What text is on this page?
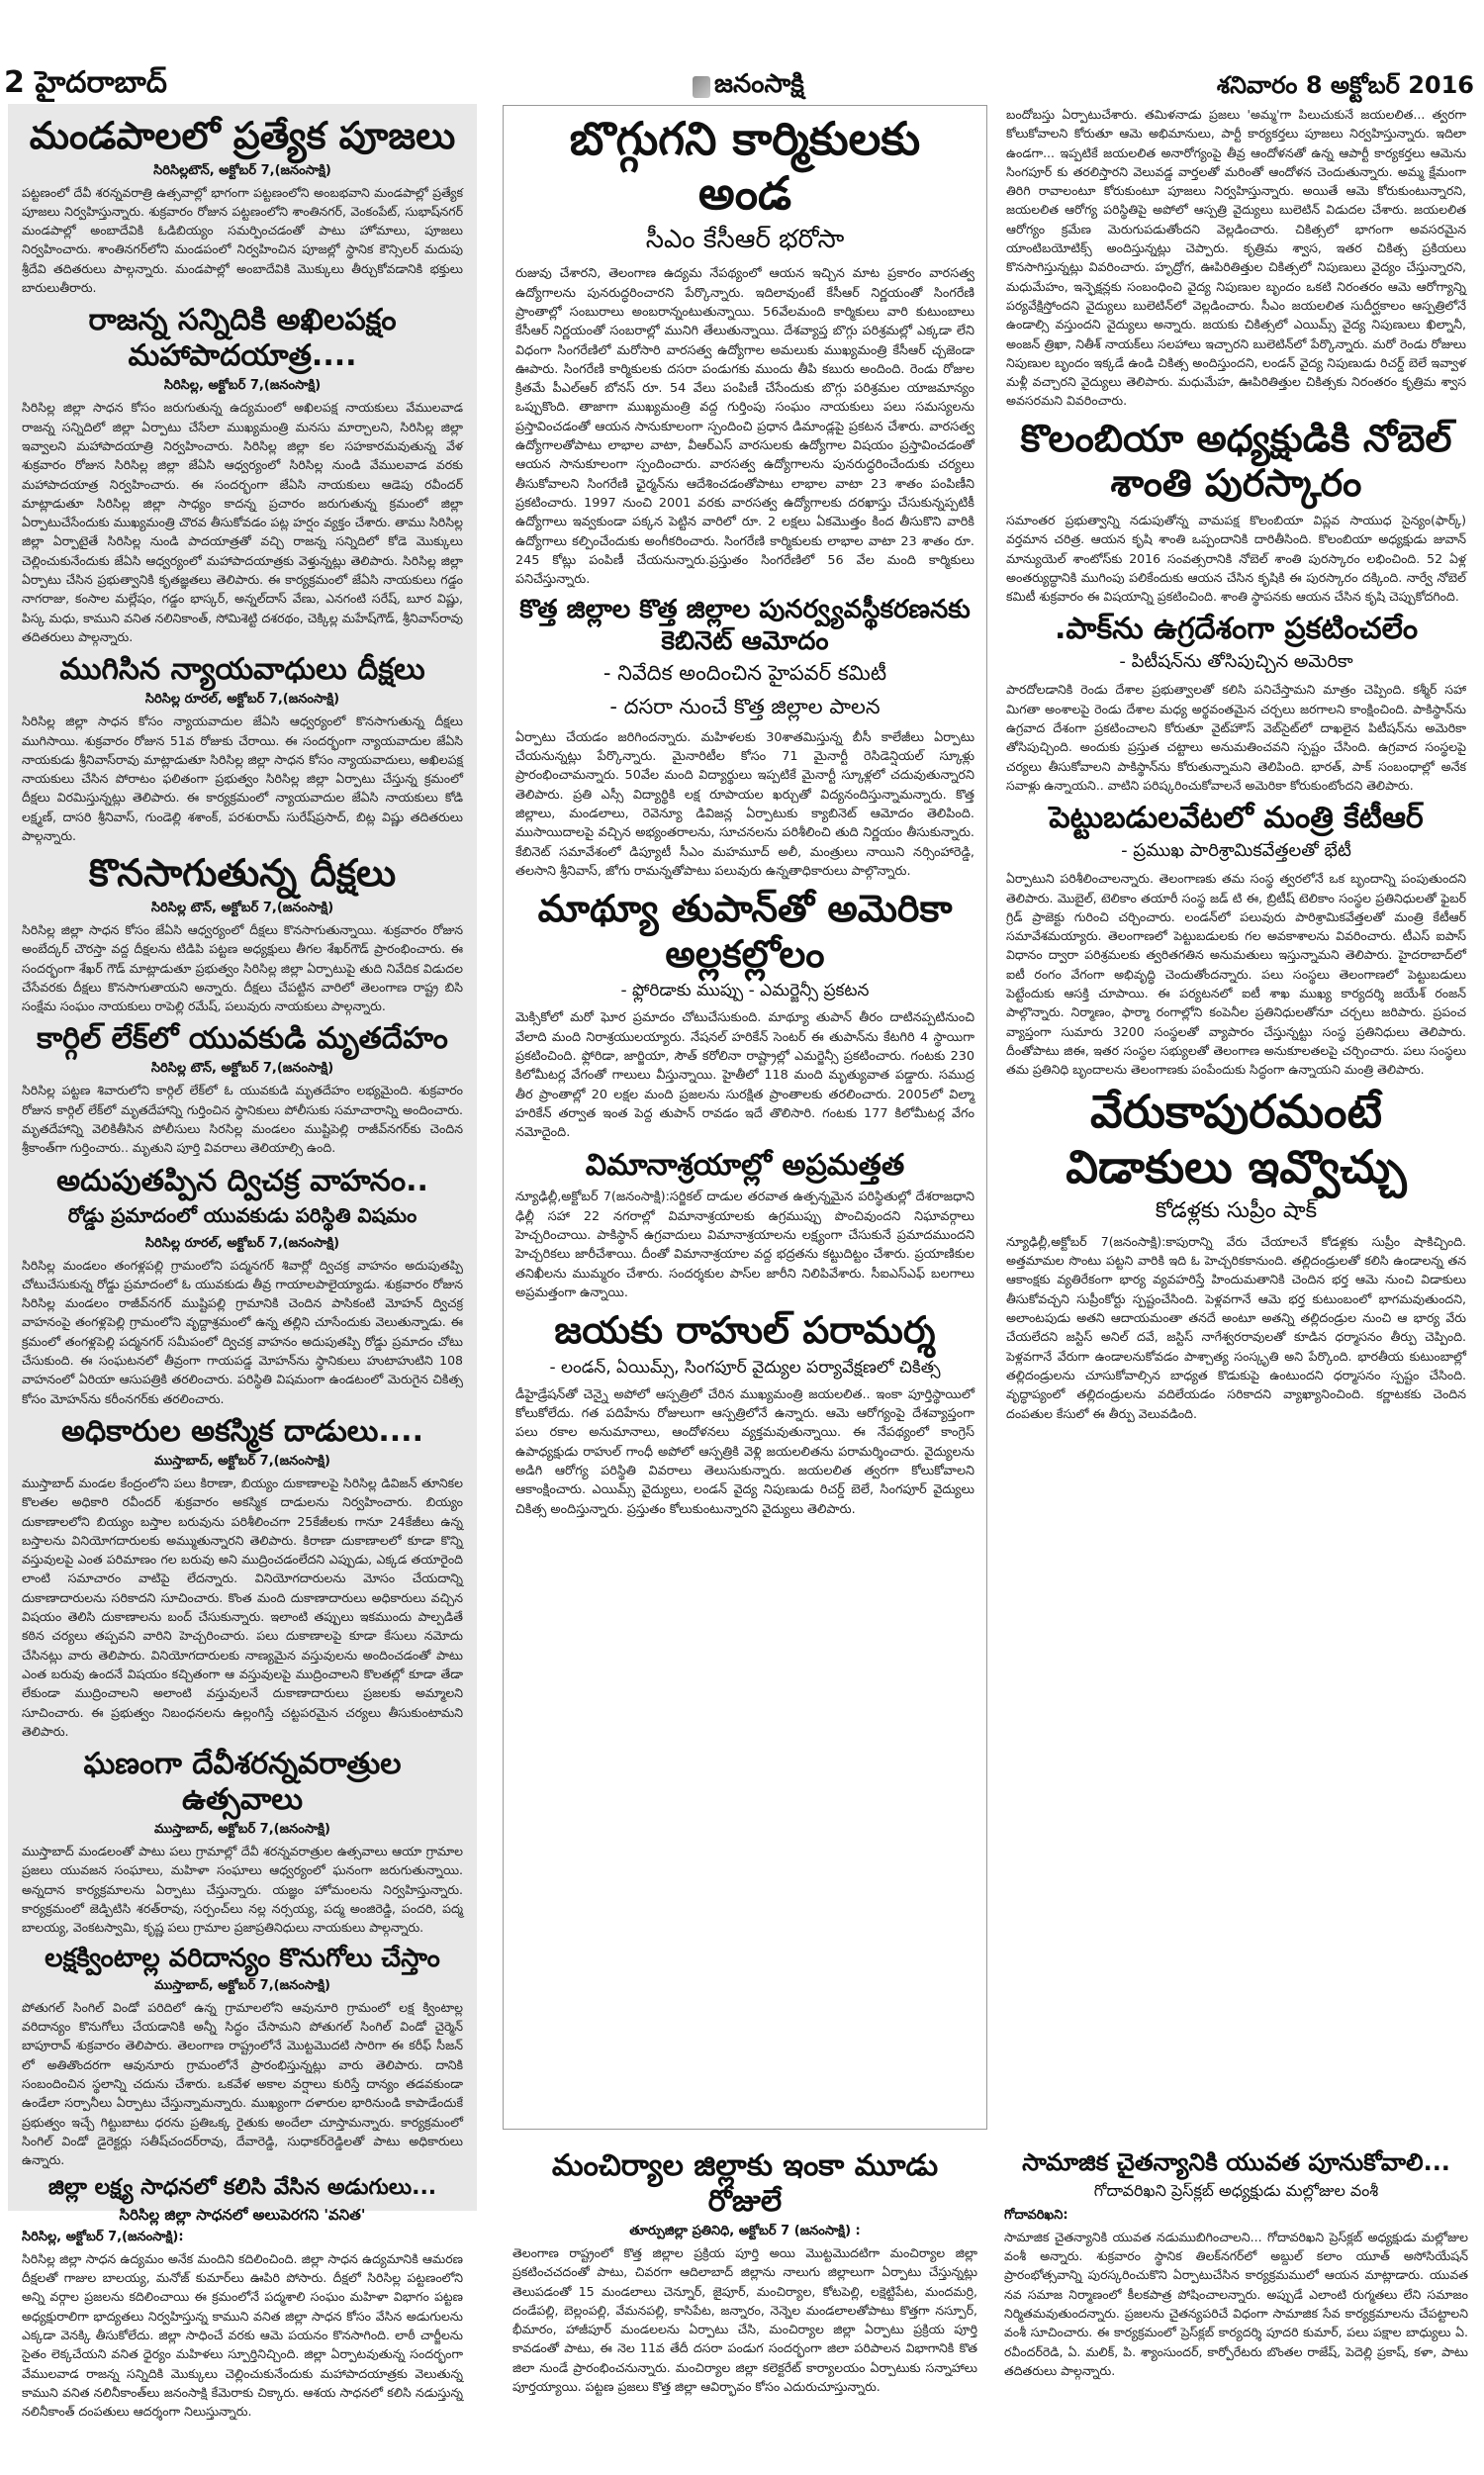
2 హైదరాబాద్	జనంసాక్షి	శనివారం 8 అక్టోబర్ 2016
మండపాలలో ప్రత్యేక పూజలు
సిరిసిల్లటౌన్, అక్టోబర్ 7,(జనంసాక్షి)

పట్టణంలో దేవీ శరన్నవరాత్రి ఉత్సవాల్లో భాగంగా పట్టణంలోని అంబభవాని మండపాల్లో ప్రత్యేక పూజలు నిర్వహిస్తున్నారు. శుక్రవారం రోజున పట్టణంలోని శాంతినగర్, వెంకంపేట్, సుభాష్‌నగర్ మండపాల్లో అంబాదేవికి ఓడిబియ్యం సమర్పించడంతో పాటు హోమాలు, పూజలు నిర్వహించారు. శాంతినగర్‌లోని మండపంలో నిర్వహించిన పూజల్లో స్థానిక కౌన్సిలర్ మదుపు శ్రీదేవి తదితరులు పాల్గన్నారు. మండపాల్లో అంబాదేవికి మొక్కులు తీర్చుకోవడానికి భక్తులు బారులుతీరారు.

రాజన్న సన్నిదికి అఖిలపక్షం మహాపాదయాత్ర....
సిరిసిల్ల, అక్టోబర్ 7,(జనంసాక్షి)

సిరిసిల్ల జిల్లా సాధన కోసం జరుగుతున్న ఉద్యమంలో అఖిలపక్ష నాయకులు వేములవాడ రాజన్న సన్నిదిలో జిల్లా ఏర్పాటు చేసేలా ముఖ్యమంత్రి మనసు మార్చాలని, సిరిసిల్ల జిల్లా ఇవ్వాలని మహాపాదయాత్రి నిర్వహించారు. సిరిసిల్ల జిల్లా కల సహకారమవుతున్న వేళ శుక్రవారం రోజున సిరిసిల్ల జిల్లా జేఏసి ఆధ్వర్యంలో సిరిసిల్ల నుండి వేములవాడ వరకు మహాపాదయాత్ర నిర్వహించారు. ఈ సందర్భంగా జేఏసి నాయకులు ఆడెపు రవీందర్ మాట్లాడుతూ సిరిసిల్ల జిల్లా సాధ్యం కాదన్న ప్రచారం జరుగుతున్న క్రమంలో జిల్లా ఏర్పాటుచేసేందుకు ముఖ్యమంత్రి చొరవ తీసుకోవడం పట్ల హర్షం వ్యక్తం చేశారు. తాము సిరిసిల్ల జిల్లా ఏర్పాటైతే సిరిసిల్ల నుండి పాదయాత్రతో వచ్చి రాజన్న సన్నిదిలో కోడె మొక్కులు చెల్లించుకునేందుకు జేఏసి ఆధ్వర్యంలో మహాపాదయాత్రకు వెళ్తున్నట్లు తెలిపారు. సిరిసిల్ల జిల్లా ఏర్పాటు చేసిన ప్రభుత్వానికి కృతజ్ఞతలు తెలిపారు. ఈ కార్యక్రమంలో జేఏసి నాయకులు గడ్డం నాగరాజు, కంసాల మల్లేషం, గడ్డం భాస్కర్, అన్నల్‌దాస్ వేణు, ఎనగంటి సరేష్, బూర విష్ణు, పిస్క మధు, కాముని వనిత నలినికాంత్, సోమిశెట్టి దశరథం, చెక్కిల్ల మహేష్‌గౌడ్, శ్రీనివాస్‌రావు తదితరులు పాల్గన్నారు.

ముగిసిన న్యాయవాధులు దీక్షలు
సిరిసిల్ల రూరల్, అక్టోబర్ 7,(జనంసాక్షి)

సిరిసిల్ల జిల్లా సాధన కోసం న్యాయవాదుల జేఏసి ఆధ్వర్యంలో కొనసాగుతున్న దీక్షలు ముగిసాయి. శుక్రవారం రోజున 51వ రోజుకు చేరాయి. ఈ సందర్భంగా న్యాయవాదుల జేఏసి నాయకుడు శ్రీనివాస్‌రావు మాట్లాడుతూ సిరిసిల్ల జిల్లా సాధన కోసం న్యాయవాదులు, అఖిలపక్ష నాయకులు చేసిన పోరాటం ఫలితంగా ప్రభుత్వం సిరిసిల్ల జిల్లా ఏర్పాటు చేస్తున్న క్రమంలో దీక్షలు విరమిస్తున్నట్లు తెలిపారు. ఈ కార్యక్రమంలో న్యాయవాదుల జేఏసి నాయకులు కోడి లక్ష్మణ్, దాసరి శ్రీనివాస్, గుండెల్లి శశాంక్, పరశురామ్ సురేష్‌ప్రసాద్, బిట్ల విష్ణు తదితరులు పాల్గన్నారు.

కొనసాగుతున్న దీక్షలు
సిరిసిల్ల టౌన్, అక్టోబర్ 7,(జనంసాక్షి)

సిరిసిల్ల జిల్లా సాధన కోసం జేఏసి ఆధ్వర్యంలో దీక్షలు కొనసాగుతున్నాయి. శుక్రవారం రోజున అంబేద్కర్ చౌరస్తా వద్ద దీక్షలను టిడిపి పట్టణ అధ్యక్షులు తీగల శేఖర్‌గౌడ్ ప్రారంభించారు. ఈ సందర్భంగా శేఖర్ గౌడ్ మాట్లాడుతూ ప్రభుత్వం సిరిసిల్ల జిల్లా ఏర్పాటుపై తుది నివేదిక విడుదల చేసేవరకు దీక్షలు కొనసాగుతాయని అన్నారు. దీక్షలు చేపట్టిన వారిలో తెలంగాణ రాష్ట్ర బిసి సంక్షేమ సంఘం నాయకులు రాపెల్లి రమేష్, పలువురు నాయకులు పాల్గన్నారు.

కార్గిల్ లేక్‌లో యువకుడి మృతదేహం
సిరిసిల్ల టౌన్, అక్టోబర్ 7,(జనంసాక్షి)

సిరిసిల్ల పట్టణ శివారులోని కార్గిల్ లేక్‌లో ఓ యువకుడి మృతదేహం లభ్యమైంది. శుక్రవారం రోజున కార్గిల్ లేక్‌లో మృతదేహాన్ని గుర్తించిన స్థానికులు పోలీసుకు సమాచారాన్ని అందించారు. మృతదేహాన్ని వెలికితీసిన పోలీసులు సిరసిల్ల మండలం ముష్టిపెల్లి రాజీవ్‌నగర్‌కు చెందిన శ్రీకాంత్‌గా గుర్తించారు.. మృతుని పూర్తి వివరాలు తెలియాల్సి ఉంది.

అదుపుతప్పిన ద్విచక్ర వాహనం..
రోడ్డు ప్రమాదంలో యువకుడు పరిస్థితి విషమం
సిరిసిల్ల రూరల్, అక్టోబర్ 7,(జనంసాక్షి)

సిరిసిల్ల మండలం తంగళ్లపల్లి గ్రామంలోని పద్మనగర్ శివార్లో ద్విచక్ర వాహనం అదుపుతప్పి చోటుచేసుకున్న రోడ్డు ప్రమాదంలో ఓ యువకుడు తీవ్ర గాయాలపాలైయ్యాడు. శుక్రవారం రోజున సిరిసిల్ల మండలం రాజీవ్‌నగర్ ముష్టిపల్లి గ్రామానికి చెందిన పాసికంటి మోహన్ ద్విచక్ర వాహనంపై తంగళ్లపెల్లి గ్రామంలోని వృద్దాశ్రమంలో ఉన్న తల్లిని చూసేందుకు వెలుతున్నాడు. ఈ క్రమంలో తంగళ్లపెల్లి పద్మనగర్ సమీపంలో ద్విచక్ర వాహనం అదుపుతప్పి రోడ్డు ప్రమాదం చోటు చేసుకుంది. ఈ సంఘటనలో తీవ్రంగా గాయపడ్డ మోహన్‌ను స్థానికులు హుటాహుటిని 108 వాహనంలో ఏరియా ఆసుపత్రికి తరలించారు. పరిస్థితి విషమంగా ఉండటంలో మెరుగైన చికిత్స కోసం మోహన్‌ను కరీంనగర్‌కు తరలించారు.

అధికారుల అకస్మిక దాడులు....
ముస్తాబాద్, అక్టోబర్ 7,(జనంసాక్షి)

ముస్తాబాద్ మండల కేంద్రంలోని పలు కిరాణా, బియ్యం దుకాణాలపై సిరిసిల్ల డివిజన్ తూనికల కొలతల అధికారి రవీందర్ శుక్రవారం అకస్మిక దాడులను నిర్వహించారు. బియ్యం దుకాణాలలోని బియ్యం బస్తాల బరువును పరిశీలించగా 25కేజీలకు గానూ 24కేజీలు ఉన్న బస్తాలను వినియోగదారులకు అమ్ముతున్నారని తెలిపారు. కిరాణా దుకాణాలలో కూడా కొన్ని వస్తువులపై ఎంత పరిమాణం గల బరువు అని ముద్రించడంలేదని ఎప్పుడు, ఎక్కడ తయారైంది లాంటి సమాచారం వాటిపై లేదన్నారు. వినియోగదారులను మోసం చేయదాన్ని దుకాణాదారులను సరికాదని సూచించారు. కొంత మంది దుకాణాదారులు అధికారులు వచ్చిన విషయం తెలిసి దుకాణాలను బంద్ చేసుకున్నారు. ఇలాంటి తప్పులు ఇకముందు పాల్పడితే కఠిన చర్యలు తప్పవని వారిని హెచ్చరించారు. పలు దుకాణాలపై కూడా కేసులు నమోదు చేసినట్లు వారు తెలిపారు. వినియోగదారులకు నాణ్యమైన వస్తువులను అందించడంతో పాటు ఎంత బరువు ఉందనే విషయం కచ్చితంగా ఆ వస్తువులపై ముద్రించాలని కొలతల్లో కూడా తేడా లేకుండా ముద్రించాలని అలాంటి వస్తువులనే దుకాణాదారులు ప్రజలకు అమ్మాలని సూచించారు. ఈ ప్రభుత్వం నిబంధనలను ఉల్లంగిస్తే చట్టపరమైన చర్యలు తీసుకుంటామని తెలిపారు.

ఘణంగా దేవీశరన్నవరాత్రుల ఉత్సవాలు
ముస్తాబాద్, అక్టోబర్ 7,(జనంసాక్షి)

ముస్తాబాద్ మండలంతో పాటు పలు గ్రామాల్లో దేవీ శరన్నవరాత్రుల ఉత్సవాలు ఆయా గ్రామాల ప్రజలు యువజన సంఘాలు, మహిళా సంఘాలు ఆధ్వర్యంలో ఘనంగా జరుగుతున్నాయి. అన్నదాన కార్యక్రమాలను ఏర్పాటు చేస్తున్నారు. యజ్ఞం హోమంలను నిర్వహిస్తున్నారు. కార్యక్రమంలో జెడ్పిటిసి శరత్‌రావు, సర్పంచ్‌లు నల్ల నర్సయ్య, పద్మ అంజిరెడ్డి, పందరి, పద్మ బాలయ్య, వెంకటస్వామి, కృష్ణ పలు గ్రామాల ప్రజాప్రతినిధులు నాయకులు పాల్గన్నారు.

లక్షక్వింటాల్ల వరిదాన్యం కొనుగోలు చేస్తాం
ముస్తాబాద్, అక్టోబర్ 7,(జనంసాక్షి)

పోతుగల్ సింగిల్ విండో పరిదిలో ఉన్న గ్రామాలలోని ఆవునూరి గ్రామంలో లక్ష క్వింటాల్ల వరిదాన్యం కొనుగోలు చేయడానికి అన్నీ సిద్ధం చేసామని పోతుగల్ సింగిల్ విండో చైర్మెన్ బాపూరావ్ శుక్రవారం తెలిపారు. తెలంగాణ రాష్ట్రంలోనే మొట్టమొదటి సారిగా ఈ కరీఫ్ సీజన్ లో అతితొందరగా ఆవునూరు గ్రామంలోనే ప్రారంభిస్తున్నట్లు వారు తెలిపారు. దానికి సంబందించిన స్థలాన్ని చదును చేశారు. ఒకవేళ అకాల వర్షాలు కురిస్తే దాన్యం తడవకుండా ఉండేలా సర్పానీలు ఏర్పాటు చేస్తున్నామన్నారు. ముఖ్యంగా దళారుల భారినుండి కాపాడేందుకే ప్రభుత్వం ఇచ్చే గిట్టుబాటు ధరను ప్రతిఒక్క రైతుకు అందేలా చూస్తామన్నారు. కార్యక్రమంలో సింగిల్ విండో డైరెక్టర్లు సతీష్‌చందర్‌రావు, దేవారెడ్డి, సుధాకర్‌రెడ్డిలతో పాటు అధికారులు ఉన్నారు.

జిల్లా లక్ష్య సాధనలో కలిసి వేసిన అడుగులు...
సిరిసిల్ల జిల్లా సాధనలో అలుపెరగని 'వనిత'
సిరిసిల్ల, అక్టోబర్ 7,(జనంసాక్షి):

సిరిసిల్ల జిల్లా సాధన ఉద్యమం అనేక మందిని కదిలించింది. జిల్లా సాధన ఉద్యమానికి ఆమరణ దీక్షలతో గాజుల బాలయ్య, మనోజ్ కుమార్‌లు ఊపిరి పోసారు. దీక్షలో సిరిసిల్ల పట్టణంలోని అన్ని వర్గాల ప్రజలను కదిలించాయి ఈ క్రమంలోనే పద్మశాలి సంఘం మహిళా విభాగం పట్టణ అధ్యక్షురాలిగా భాద్యతలు నిర్వహిస్తున్న కాముని వనిత జిల్లా సాధన కోసం వేసిన అడుగులను ఎక్కడా వెనక్కి తీసుకోలేదు. జిల్లా సాధించే వరకు ఆమె పయనం కొనసాగింది. లాఠీ చార్జీలను సైతం లెక్కచేయని వనిత ధైర్యం మహిళలు స్పూర్తినిచ్చింది. జిల్లా ఏర్పాటవుతున్న సందర్భంగా వేములవాడ రాజన్న సన్నిదికి మొక్కులు చెల్లించుకునేందుకు మహాపాదయాత్రకు వెలుతున్న కాముని వనిత నలినీకాంత్‌లు జనంసాక్షి కేమెరాకు చిక్కారు. ఆశయ సాధనలో కలిసి నడుస్తున్న నలినీకాంత్ దంపతులు ఆదర్శంగా నిలుస్తున్నారు.

బొగ్గుగని కార్మికులకు అండ
సీఎం కేసీఆర్ భరోసా

రుజువు చేశారని, తెలంగాణ ఉద్యమ నేపథ్యంలో ఆయన ఇచ్చిన మాట ప్రకారం వారసత్వ ఉద్యోగాలను పునరుద్ధరించారని పేర్కొన్నారు. ఇదిలావుంటే కేసీఆర్ నిర్ణయంతో సింగరేణి ప్రాంతాల్లో సంబురాలు అంబరాన్నంటుతున్నాయి. 56వేలమంది కార్మికులు వారి కుటుంబాలు కేసీఆర్ నిర్ణయంతో సంబరాల్లో మునిగి తేలుతున్నాయి. దేశవ్యాప్త బొగ్గు పరిశ్రమల్లో ఎక్కడా లేని విధంగా సింగరేణిలో మరోసారి వారసత్వ ఉద్యోగాల అమలుకు ముఖ్యమంత్రి కేసీఆర్ చ్చజెండా ఊపారు. సింగరేణి కార్మికులకు దసరా పండుగకు ముందు తీపి కబురు అందింది. రెండు రోజుల క్రితమే పీఎల్ఆర్ బోనస్ రూ. 54 వేలు పంపిణీ చేసేందుకు బొగ్గు పరిశ్రమల యాజమాన్యం ఒప్పుకొంది. తాజాగా ముఖ్యమంత్రి వద్ద గుర్తింపు సంఘం నాయకులు పలు సమస్యలను ప్రస్తావించడంతో ఆయన సానుకూలంగా స్పందించి ప్రధాన డిమాండ్లపై ప్రకటన చేశారు. వారసత్వ ఉద్యోగాలతోపాటు లాభాల వాటా, వీఆర్ఎస్ వారసులకు ఉద్యోగాల విషయం ప్రస్తావించడంతో ఆయన సానుకూలంగా స్పందించారు. వారసత్వ ఉద్యోగాలను పునరుద్ధరించేందుకు చర్యలు తీసుకోవాలని సింగరేణి ఛైర్మన్‌ను ఆదేశించడంతోపాటు లాభాల వాటా 23 శాతం పంపిణీని ప్రకటించారు. 1997 నుంచి 2001 వరకు వారసత్వ ఉద్యోగాలకు దరఖాస్తు చేసుకున్నప్పటికీ ఉద్యోగాలు ఇవ్వకుండా పక్కన పెట్టిన వారిలో రూ. 2 లక్షలు ఏకమొత్తం కింద తీసుకొని వారికి ఉద్యోగాలు కల్పించేందుకు అంగీకరించారు. సింగరేణి కార్మికులకు లాభాల వాటా 23 శాతం రూ. 245 కోట్లు పంపిణీ చేయనున్నారు.ప్రస్తుతం సింగరేణిలో 56 వేల మంది కార్మికులు పనిచేస్తున్నారు.

కొత్త జిల్లాల కొత్త జిల్లాల పునర్వ్యవస్థీకరణనకు కెబినెట్ ఆమోదం
- నివేదిక అందించిన హైపవర్ కమిటీ
- దసరా నుంచే కొత్త జిల్లాల పాలన

ఏర్పాటు చేయడం జరిగిందన్నారు. మహిళలకు 30శాతమిస్తున్న బీసీ కాలేజీలు ఏర్పాటు చేయనున్నట్లు పేర్కొన్నారు. మైనారిటీల కోసం 71 మైనార్టీ రెసిడెన్షియల్ స్కూళ్లు ప్రారంభించామన్నారు. 50వేల మంది విద్యార్థులు ఇప్పటికే మైనార్టీ స్కూళ్లలో చదువుతున్నారని తెలిపారు. ప్రతి ఎస్సీ విద్యార్థికి లక్ష రూపాయల ఖర్చుతో విద్యనందిస్తున్నామన్నారు. కొత్త జిల్లాలు, మండలాలు, రెవెన్యూ డివిజన్ల ఏర్పాటుకు క్యాబినెట్ ఆమోదం తెలిపింది. ముసాయిదాలపై వచ్చిన అభ్యంతరాలను, సూచనలను పరిశీలించి తుది నిర్ణయం తీసుకున్నారు. కేబినెట్ సమావేశంలో డిప్యూటీ సీఎం మహమూద్ అలీ, మంత్రులు నాయిని నర్సింహారెడ్డి, తలసాని శ్రీనివాస్, జోగు రామన్నతోపాటు పలువురు ఉన్నతాధికారులు పాల్గొన్నారు.

మాథ్యూ తుపాన్‌తో అమెరికా అల్లకల్లోలం
- ఫ్లోరిడాకు ముప్పు - ఎమర్జెన్సీ ప్రకటన

మెక్సికోలో మరో ఘోర ప్రమాదం చోటుచేసుకుంది. మాథ్యూ తుపాన్ తీరం దాటినప్పటినుంచి వేలాది మంది నిరాశ్రయులయ్యారు. నేషనల్ హరికేన్ సెంటర్ ఈ తుపాన్‌ను కేటగిరి 4 స్థాయిగా ప్రకటించింది. ఫ్లోరిడా, జార్జియా, సౌత్ కరోలినా రాష్ట్రాల్లో ఎమర్జెన్సీ ప్రకటించారు. గంటకు 230 కిలోమీటర్ల వేగంతో గాలులు వీస్తున్నాయి. హైతీలో 118 మంది మృత్యువాత పడ్డారు. సముద్ర తీర ప్రాంతాల్లో 20 లక్షల మంది ప్రజలను సురక్షిత ప్రాంతాలకు తరలించారు. 2005లో విల్మా హరికేన్ తర్వాత ఇంత పెద్ద తుపాన్ రావడం ఇదే తొలిసారి. గంటకు 177 కిలోమీటర్ల వేగం నమోదైంది.

విమానాశ్రయాల్లో అప్రమత్తత

న్యూఢిల్లీ,అక్టోబర్ 7(జనంసాక్షి):సర్జికల్ దాడుల తరవాత ఉత్పన్నమైన పరిస్థితుల్లో దేశరాజధాని ఢిల్లీ సహా 22 నగరాల్లో విమానాశ్రయాలకు ఉగ్రముప్పు పొంచివుందని నిఘావర్గాలు హెచ్చరించాయి. పాకిస్థాన్ ఉగ్రవాదులు విమానాశ్రయాలను లక్ష్యంగా చేసుకునే ప్రమాదముందని హెచ్చరికలు జారీచేశాయి. దీంతో విమానాశ్రయాల వద్ద భద్రతను కట్టుదిట్టం చేశారు. ప్రయాణికుల తనిఖీలను ముమ్మరం చేశారు. సందర్శకుల పాస్‌ల జారీని నిలిపివేశారు. సీఐఎస్ఎఫ్ బలగాలు అప్రమత్తంగా ఉన్నాయి.

జయకు రాహుల్ పరామర్శ
- లండన్, ఏయిమ్స్, సింగపూర్ వైద్యుల పర్యావేక్షణలో చికిత్స

డీహైడ్రేషన్‌తో చెన్నై అపోలో ఆస్పత్రిలో చేరిన ముఖ్యమంత్రి జయలలిత.. ఇంకా పూర్తిస్థాయిలో కోలుకోలేదు. గత పదిహేను రోజులుగా ఆస్పత్రిలోనే ఉన్నారు. ఆమె ఆరోగ్యంపై దేశవ్యాప్తంగా పలు రకాల అనుమానాలు, ఆందోళనలు వ్యక్తమవుతున్నాయి. ఈ నేపథ్యంలో కాంగ్రెస్ ఉపాధ్యక్షుడు రాహుల్ గాంధీ అపోలో ఆస్పత్రికి వెళ్లి జయలలితను పరామర్శించారు. వైద్యులను అడిగి ఆరోగ్య పరిస్థితి వివరాలు తెలుసుకున్నారు. జయలలిత త్వరగా కోలుకోవాలని ఆకాంక్షించారు. ఎయిమ్స్ వైద్యులు, లండన్ వైద్య నిపుణుడు రిచర్డ్ బెలే, సింగపూర్ వైద్యులు చికిత్స అందిస్తున్నారు. ప్రస్తుతం కోలుకుంటున్నారని వైద్యులు తెలిపారు.

బందోబస్తు ఏర్పాటుచేశారు. తమిళనాడు ప్రజలు 'అమ్మ'గా పిలుచుకునే జయలలిత... త్వరగా కోలుకోవాలని కోరుతూ ఆమె అభిమానులు, పార్టీ కార్యకర్తలు పూజలు నిర్వహిస్తున్నారు. ఇదిలా ఉండగా... ఇప్పటికే జయలలిత అనారోగ్యంపై తీవ్ర ఆందోళనతో ఉన్న ఆపార్టీ కార్యకర్తలు ఆమెను సింగపూర్ కు తరలిస్తారని వెలువడ్డ వార్తలతో మరింతో ఆందోళన చెందుతున్నారు. అమ్మ క్షేమంగా తిరిగి రావాలంటూ కోరుకుంటూ పూజలు నిర్వహిస్తున్నారు. అయితే ఆమె కోరుకుంటున్నారని, జయలలిత ఆరోగ్య పరిస్థితిపై అపోలో ఆస్పత్రి వైద్యులు బులెటిన్ విడుదల చేశారు. జయలలిత ఆరోగ్యం క్రమేణ మెరుగుపడుతోందని వెల్లడించారు. చికిత్సలో భాగంగా అవసరమైన యాంటిబయోటిక్స్ అందిస్తున్నట్లు చెప్పారు. కృత్రిమ శ్వాస, ఇతర చికిత్స ప్రకియలు కొనసాగిస్తున్నట్లు వివరించారు. హృద్రోగ, ఊపిరితిత్తుల చికిత్సలో నిపుణులు వైద్యం చేస్తున్నారని, మధుమేహం, ఇన్ఫెక్షన్లకు సంబంధించి వైద్య నిపుణుల బృందం ఒకటి నిరంతరం ఆమె ఆరోగ్యాన్ని పర్యవేక్షిస్తోందని వైద్యులు బులెటిన్‌లో వెల్లడించారు. సీఎం జయలలిత సుదీర్ఘకాలం ఆస్పత్రిలోనే ఉండాల్సి వస్తుందని వైద్యులు అన్నారు. జయకు చికిత్సలో ఎయిమ్స్ వైద్య నిపుణులు ఖిల్నానీ, అంజన్ త్రిఖా, నితీశ్ నాయక్‌లు సలహాలు ఇచ్చారని బులెటిన్‌లో పేర్కొన్నారు. మరో రెండు రోజులు నిపుణుల బృందం ఇక్కడే ఉండి చికిత్స అందిస్తుందని, లండన్ వైద్య నిపుణుడు రిచర్డ్ బెలే ఇవ్వాళ మళ్లీ వచ్చారని వైద్యులు తెలిపారు. మధుమేహ, ఊపిరితిత్తుల చికిత్సకు నిరంతరం కృత్రిమ శ్వాస అవసరమని వివరించారు.

కొలంబియా అధ్యక్షుడికి నోబెల్ శాంతి పురస్కారం

సమాంతర ప్రభుత్వాన్ని నడుపుతోన్న వామపక్ష కొలంబియా విప్లవ సాయుధ సైన్యం(ఫార్క్) వర్తమాన చరిత్ర. ఆయన కృషి శాంతి ఒప్పందానికి దారితీసింది. కొలంబియా అధ్యక్షుడు జువాన్ మాన్యుయెల్ శాంటోస్‌కు 2016 సంవత్సరానికి నోబెల్ శాంతి పురస్కారం లభించింది. 52 ఏళ్ల అంతర్యుద్ధానికి ముగింపు పలికేందుకు ఆయన చేసిన కృషికి ఈ పురస్కారం దక్కింది. నార్వే నోబెల్ కమిటీ శుక్రవారం ఈ విషయాన్ని ప్రకటించింది. శాంతి స్థాపనకు ఆయన చేసిన కృషి చెప్పుకోదగింది.

.పాక్‌ను ఉగ్రదేశంగా ప్రకటించలేం
- పిటీషన్‌ను తోసిపుచ్చిన అమెరికా

పారదోలడానికి రెండు దేశాల ప్రభుత్వాలతో కలిసి పనిచేస్తామని మాత్రం చెప్పింది. కశ్మీర్ సహా మిగతా అంశాలపై రెండు దేశాల మధ్య అర్థవంతమైన చర్చలు జరగాలని కాంక్షించింది. పాకిస్థాన్‌ను ఉగ్రవాద దేశంగా ప్రకటించాలని కోరుతూ వైట్‌హౌస్ వెబ్‌సైట్‌లో దాఖలైన పిటీషన్‌ను అమెరికా తోసిపుచ్చింది. అందుకు ప్రస్తుత చట్టాలు అనుమతించవని స్పష్టం చేసింది. ఉగ్రవాద సంస్థలపై చర్యలు తీసుకోవాలని పాకిస్థాన్‌ను కోరుతున్నామని తెలిపింది. భారత్, పాక్ సంబంధాల్లో అనేక సవాళ్లు ఉన్నాయని.. వాటిని పరిష్కరించుకోవాలనే అమెరికా కోరుకుంటోందని తెలిపారు.

పెట్టుబడులవేటలో మంత్రి కేటీఆర్
- ప్రముఖ పారిశ్రామికవేత్తలతో భేటీ

ఏర్పాటుని పరిశీలించాలన్నారు. తెలంగాణకు తమ సంస్థ త్వరలోనే ఒక బృందాన్ని పంపుతుందని తెలిపారు. మొబైల్, టెలికాం తయారీ సంస్థ జడ్ టి ఈ, బ్రిటీష్ టెలికాం సంస్థల ప్రతినిధులతో ఫైబర్ గ్రిడ్ ప్రాజెక్టు గురించి చర్చించారు. లండన్‌లో పలువురు పారిశ్రామికవేత్తలతో మంత్రి కేటీఆర్ సమావేశమయ్యారు. తెలంగాణలో పెట్టుబడులకు గల అవకాశాలను వివరించారు. టీఎస్ ఐపాస్ విధానం ద్వారా పరిశ్రమలకు త్వరితగతిన అనుమతులు ఇస్తున్నామని తెలిపారు. హైదరాబాద్‌లో ఐటీ రంగం వేగంగా అభివృద్ధి చెందుతోందన్నారు. పలు సంస్థలు తెలంగాణలో పెట్టుబడులు పెట్టేందుకు ఆసక్తి చూపాయి. ఈ పర్యటనలో ఐటీ శాఖ ముఖ్య కార్యదర్శి జయేశ్ రంజన్ పాల్గొన్నారు. నిర్మాణం, ఫార్మా రంగాల్లోని కంపెనీల ప్రతినిధులతోనూ చర్చలు జరిపారు. ప్రపంచ వ్యాప్తంగా సుమారు 3200 సంస్థలతో వ్యాపారం చేస్తున్నట్టు సంస్థ ప్రతినిధులు తెలిపారు. దీంతోపాటు జిఈ, ఇతర సంస్థల సభ్యులతో తెలంగాణ అనుకూలతలపై చర్చించారు. పలు సంస్థలు తమ ప్రతినిధి బృందాలను తెలంగాణకు పంపేందుకు సిద్ధంగా ఉన్నాయని మంత్రి తెలిపారు.

వేరుకాపురమంటే విడాకులు ఇవ్వొచ్చు
కోడళ్లకు సుప్రీం షాక్

న్యూఢిల్లీ,అక్టోబర్ 7(జనంసాక్షి):కాపురాన్ని వేరు చేయాలనే కోడళ్లకు సుప్రీం షాకిచ్చింది. అత్తమామల సొంటు పట్టని వారికి ఇది ఓ హెచ్చరికకానుంది. తల్లిదండ్రులతో కలిసి ఉండాలన్న తన ఆకాంక్షకు వ్యతిరేకంగా భార్య వ్యవహరిస్తే హిందుమతానికి చెందిన భర్త ఆమె నుంచి విడాకులు తీసుకోవచ్చని సుప్రీంకోర్టు స్పష్టంచేసింది. పెళ్లవగానే ఆమె భర్త కుటుంబంలో భాగమవుతుందని, అలాంటపుడు అతని ఆదాయమంతా తనదే అంటూ అతన్ని తల్లిదండ్రుల నుంచి ఆ భార్య వేరు చేయలేదని జస్టిస్ అనిల్ దవే, జస్టిస్ నాగేశ్వరరావులతో కూడిన ధర్మాసనం తీర్పు చెప్పింది. పెళ్లవగానే వేరుగా ఉండాలనుకోవడం పాశ్చాత్య సంస్కృతి అని పేర్కొంది. భారతీయ కుటుంబాల్లో తల్లిదండ్రులను చూసుకోవాల్సిన బాధ్యత కొడుకుపై ఉంటుందని ధర్మాసనం స్పష్టం చేసింది. వృద్ధాప్యంలో తల్లిదండ్రులను వదిలేయడం సరికాదని వ్యాఖ్యానించింది. కర్ణాటకకు చెందిన దంపతుల కేసులో ఈ తీర్పు వెలువడింది.

మంచిర్యాల జిల్లాకు ఇంకా మూడు రోజులే
తూర్పుజిల్లా ప్రతినిధి, అక్టోబర్ 7 (జనంసాక్షి) :

తెలంగాణ రాష్ట్రంలో కొత్త జిల్లాల ప్రక్రియ పూర్తి అయి మొట్టమొదటిగా మంచిర్యాల జిల్లా ప్రకటించచదంతో పాటు, చివరగా ఆదిలాబాద్ జిల్లాను నాలుగు జిల్లాలుగా ఏర్పాటు చేస్తున్నట్లు తెలుపడంతో 15 మండలాలు చెన్నూర్, జైపూర్, మంచిర్యాల, కోటపెల్లి, లక్షెట్టిపేట, మందమర్రి, దండేపల్లి, బెల్లంపల్లి, వేమనపల్లి, కాసిపేట, జన్నారం, నెన్నెల మండలాలతోపాటు కొత్తగా నస్పూర్, భీమారం, హాజీపూర్ మండలలను ఏర్పాటు చేసి, మంచిర్యాల జిల్లా ఏర్పాటు ప్రక్రియ పూర్తి కావడంతో పాటు, ఈ నెల 11వ తేదీ దసరా పండుగ సందర్భంగా జిలా పరిపాలన విభాగానికి కొత జిలా నుండే ప్రారంభించనున్నారు. మంచిర్యాల జిల్లా కలెక్టరేట్ కార్యాలయం ఏర్పాటుకు సన్నాహాలు పూర్తయ్యాయి. పట్టణ ప్రజలు కొత్త జిల్లా ఆవిర్భావం కోసం ఎదురుచూస్తున్నారు.

సామాజిక చైతన్యానికి యువత పూనుకోవాలి...
గోదావరిఖని ప్రెస్‌క్లబ్ అధ్యక్షుడు మల్లోజుల వంశీ
గోదావరిఖని:

సామాజిక చైతన్యానికి యువత నడుముబిగించాలని... గోదావరిఖని ప్రెస్‌క్లబ్ అధ్యక్షుడు మల్లోజుల వంశీ అన్నారు. శుక్రవారం స్థానిక తిలక్‌నగర్‌లో అబ్దుల్ కలాం యూత్ అసోసియేషన్ ప్రారంభోత్సవాన్ని పురస్కరించుకొని ఏర్పాటుచేసిన కార్యక్రమములో ఆయన మాట్లాడారు. యువత నవ సమాజ నిర్మాణంలో కీలకపాత్ర పోషించాలన్నారు. అప్పుడే ఎలాంటి రుగ్మతలు లేని సమాజం నిర్మితమవుతుందన్నారు. ప్రజలను చైతన్యపరిచే విధంగా సామాజిక సేవ కార్యక్రమాలను చేపట్టాలని వంశీ సూచించారు. ఈ కార్యక్రమంలో ప్రెస్‌క్లబ్ కార్యదర్శి పూదరి కుమార్, పలు పక్షాల బాధ్యులు ఏ. రవీందర్‌రెడి, ఏ. మలిక్, పి. శ్యాంసుందర్, కార్పోరేటరు బొంతల రాజేష్, పెదెల్లి ప్రకాష్, కళా, పాటు తదితరులు పాల్గన్నారు.
